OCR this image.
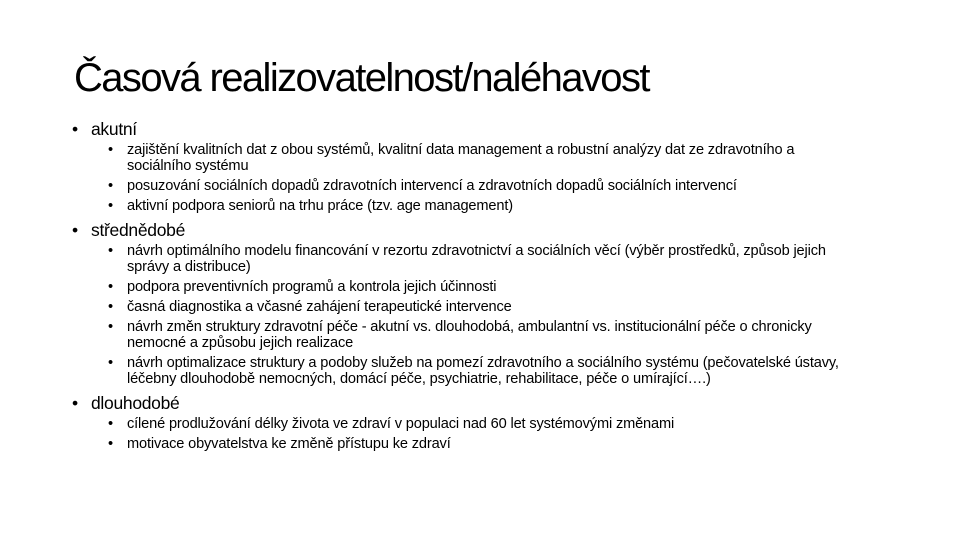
Časová realizovatelnost/naléhavost
• akutní
• zajištění kvalitních dat z obou systémů, kvalitní data management a robustní analýzy dat ze zdravotního a sociálního systému
• posuzování sociálních dopadů zdravotních intervencí a zdravotních dopadů sociálních intervencí
• aktivní podpora seniorů na trhu práce (tzv. age management)
• střednědobé
• návrh optimálního modelu financování v rezortu zdravotnictví a sociálních věcí (výběr prostředků, způsob jejich správy a distribuce)
• podpora preventivních programů a kontrola jejich účinnosti
• časná diagnostika a včasné zahájení terapeutické intervence
• návrh změn struktury zdravotní péče - akutní vs. dlouhodobá, ambulantní vs. institucionální péče o chronicky nemocné a způsobu jejich realizace
• návrh optimalizace struktury a podoby služeb na pomezí zdravotního a sociálního systému (pečovatelské ústavy, léčebny dlouhodobě nemocných, domácí péče, psychiatrie, rehabilitace, péče o umírající….)
• dlouhodobé
• cílené prodlužování délky života ve zdraví v populaci nad 60 let systémovými změnami
• motivace obyvatelstva ke změně přístupu ke zdraví
